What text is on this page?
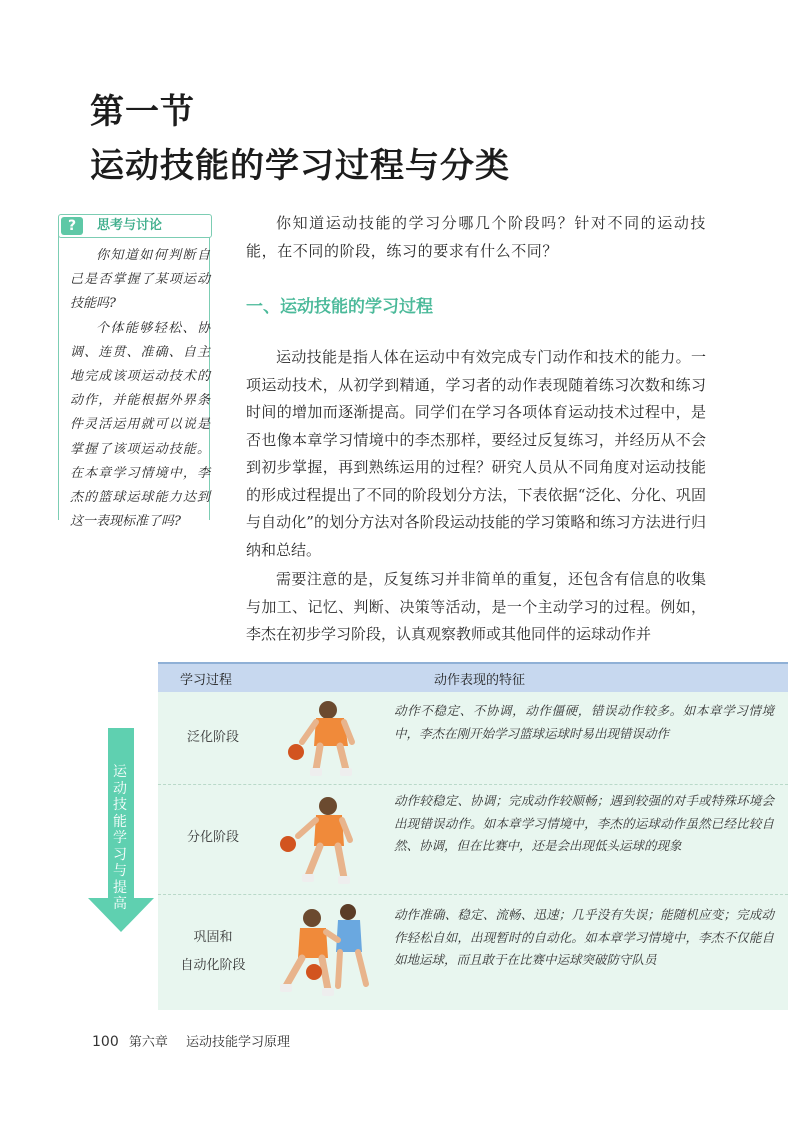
第一节
运动技能的学习过程与分类
?	思考与讨论

你知道如何判断自己是否掌握了某项运动技能吗?

个体能够轻松、协调、连贯、准确、自主地完成该项运动技术的动作，并能根据外界条件灵活运用就可以说是掌握了该项运动技能。在本章学习情境中，李杰的篮球运球能力达到这一表现标准了吗?

你知道运动技能的学习分哪几个阶段吗？针对不同的运动技能，在不同的阶段，练习的要求有什么不同？

一、运动技能的学习过程

运动技能是指人体在运动中有效完成专门动作和技术的能力。一项运动技术，从初学到精通，学习者的动作表现随着练习次数和练习时间的增加而逐渐提高。同学们在学习各项体育运动技术过程中，是否也像本章学习情境中的李杰那样，要经过反复练习，并经历从不会到初步掌握，再到熟练运用的过程？研究人员从不同角度对运动技能的形成过程提出了不同的阶段划分方法，下表依据“泛化、分化、巩固与自动化”的划分方法对各阶段运动技能的学习策略和练习方法进行归纳和总结。

需要注意的是，反复练习并非简单的重复，还包含有信息的收集与加工、记忆、判断、决策等活动，是一个主动学习的过程。例如，李杰在初步学习阶段，认真观察教师或其他同伴的运球动作并

运动技能学习与提高
学习过程	动作表现的特征
泛化阶段
动作不稳定、不协调，动作僵硬，错误动作较多。如本章学习情境中，李杰在刚开始学习篮球运球时易出现错误动作
分化阶段
动作较稳定、协调；完成动作较顺畅；遇到较强的对手或特殊环境会出现错误动作。如本章学习情境中，李杰的运球动作虽然已经比较自然、协调，但在比赛中，还是会出现低头运球的现象
巩固和
自动化阶段
动作准确、稳定、流畅、迅速；几乎没有失误；能随机应变；完成动作轻松自如，出现暂时的自动化。如本章学习情境中，李杰不仅能自如地运球，而且敢于在比赛中运球突破防守队员
100 第六章 运动技能学习原理
